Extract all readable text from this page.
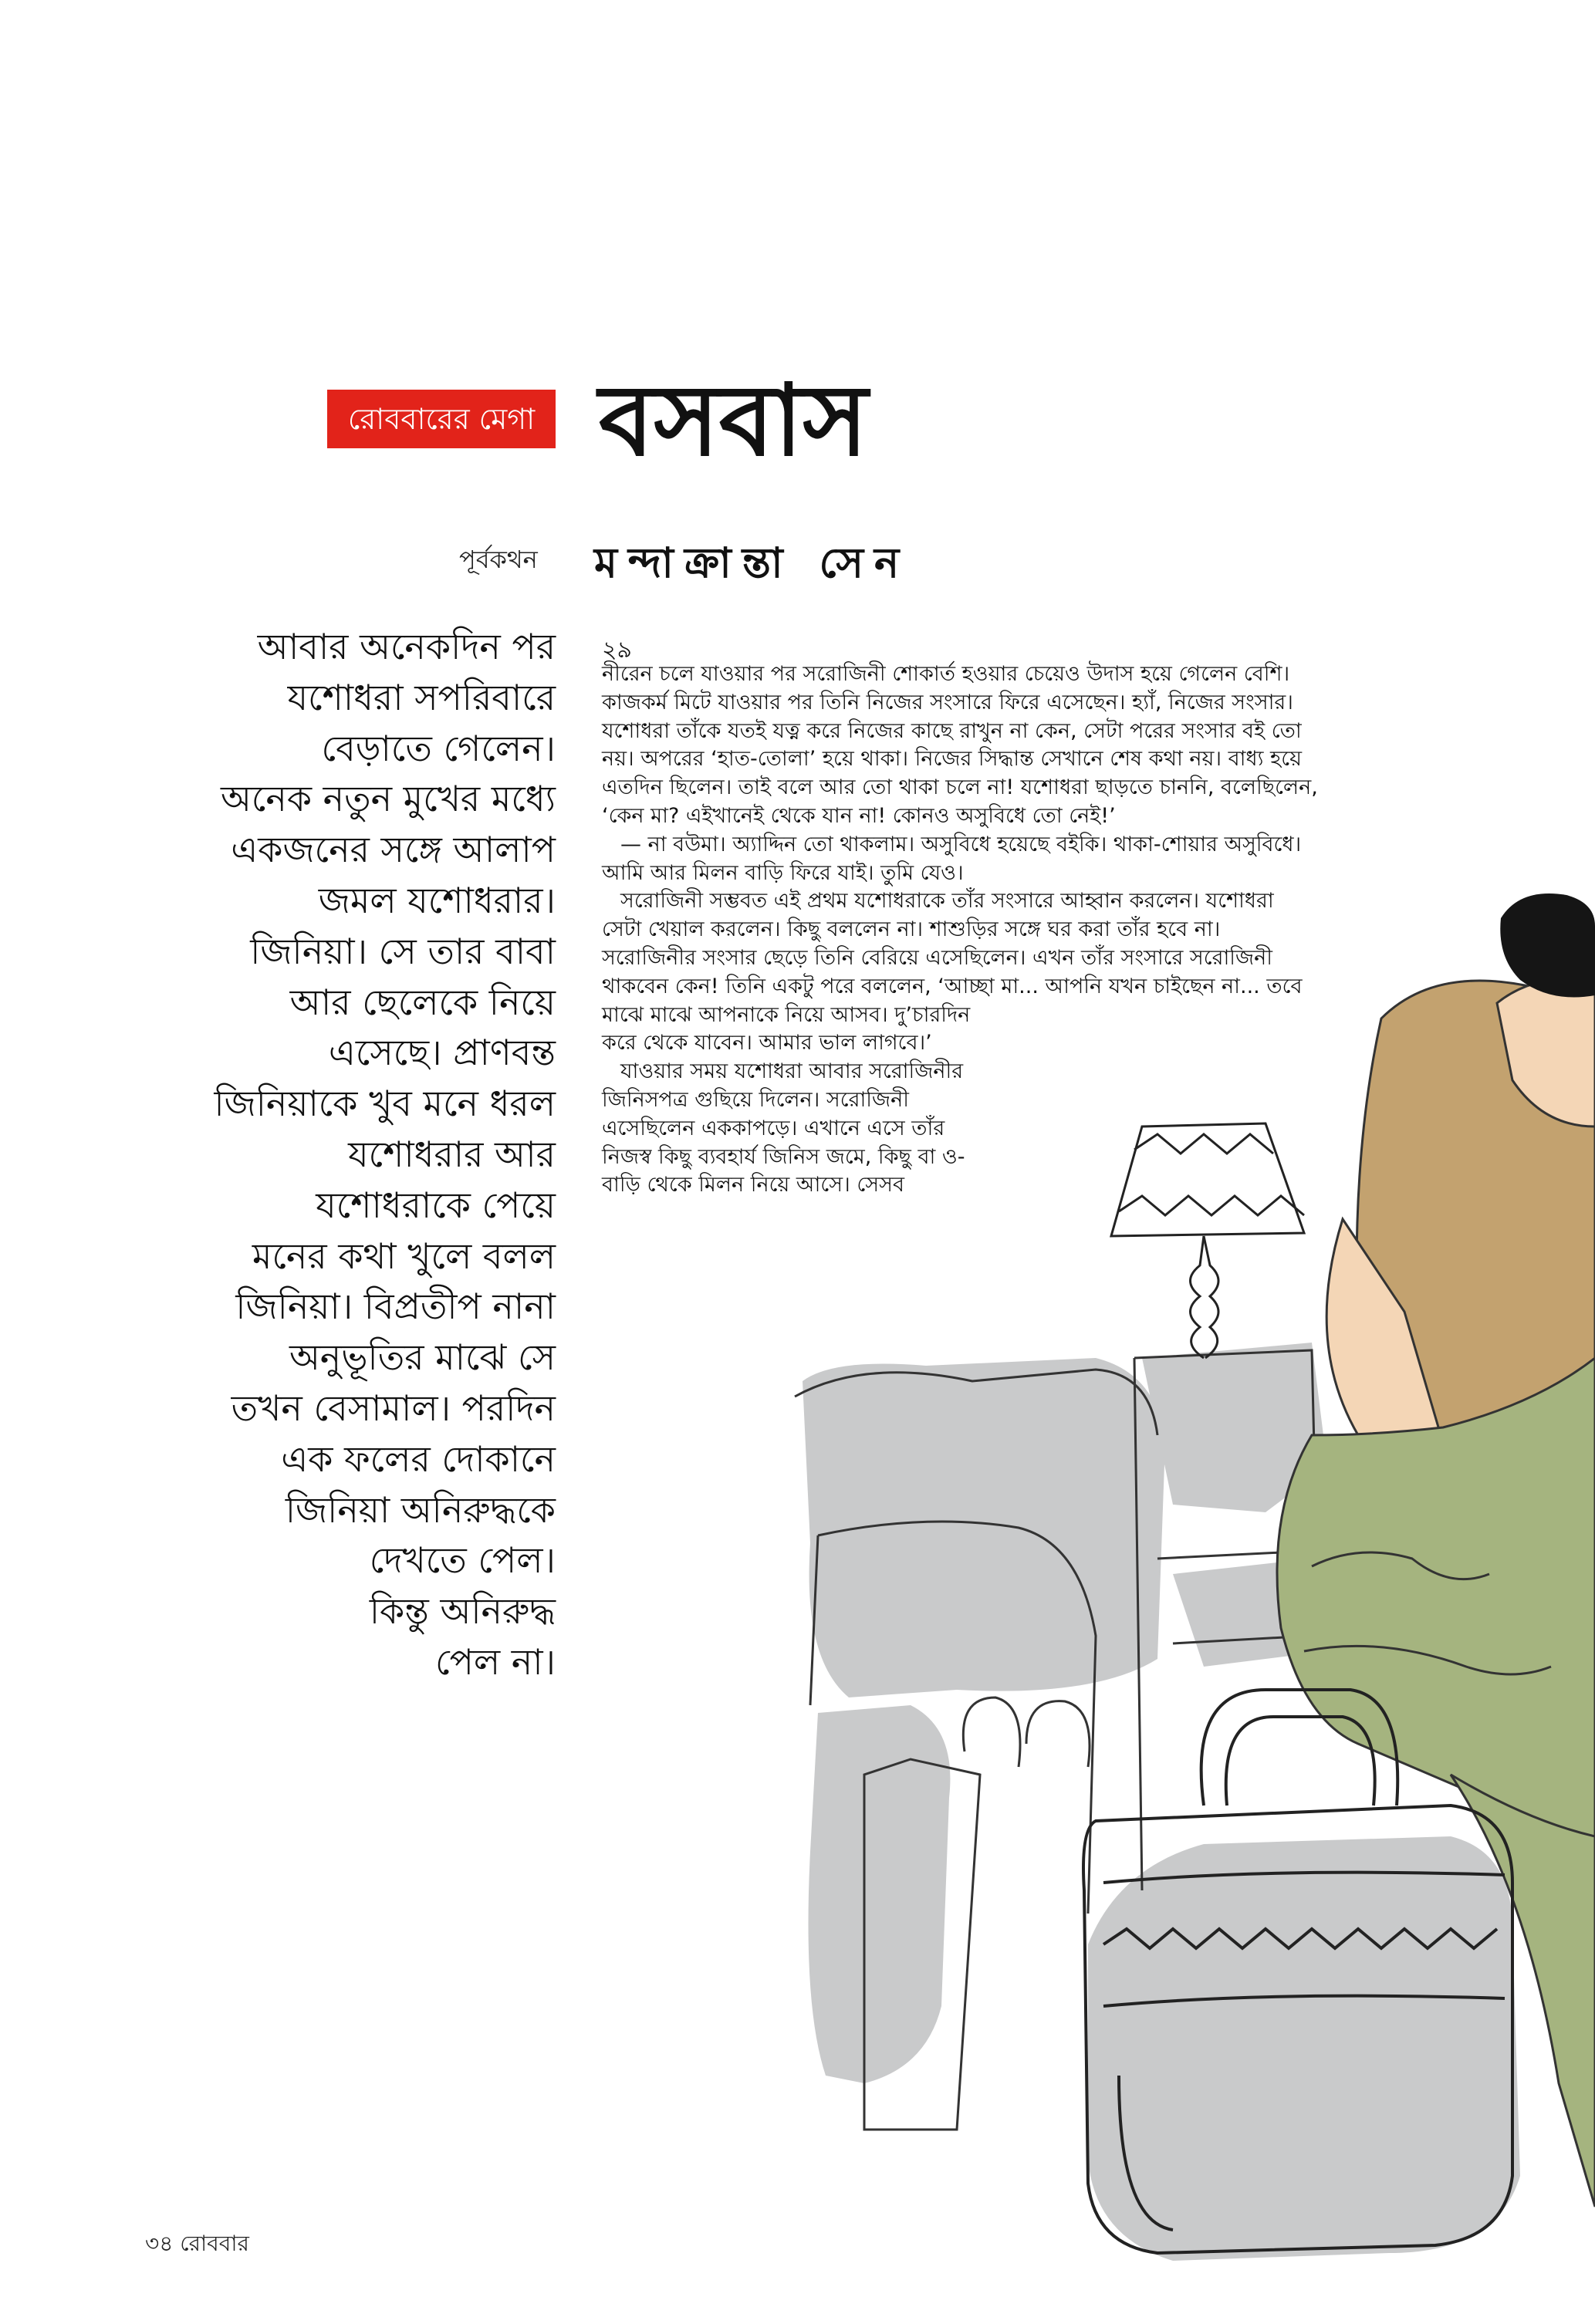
রোববারের মেগা বসবাস
পূর্বকথন মন্দাক্রান্তা সেন
আবার অনেকদিন পর
যশোধরা সপরিবারে
বেড়াতে গেলেন।
অনেক নতুন মুখের মধ্যে
একজনের সঙ্গে আলাপ
জমল যশোধরার।
জিনিয়া। সে তার বাবা
আর ছেলেকে নিয়ে
এসেছে। প্রাণবন্ত
জিনিয়াকে খুব মনে ধরল
যশোধরার আর
যশোধরাকে পেয়ে
মনের কথা খুলে বলল
জিনিয়া। বিপ্রতীপ নানা
অনুভূতির মাঝে সে
তখন বেসামাল। পরদিন
এক ফলের দোকানে
জিনিয়া অনিরুদ্ধকে
দেখতে পেল।
কিন্তু অনিরুদ্ধ
পেল না।
২৯
নীরেন চলে যাওয়ার পর সরোজিনী শোকার্ত হওয়ার চেয়েও উদাস হয়ে গেলেন বেশি।
কাজকর্ম মিটে যাওয়ার পর তিনি নিজের সংসারে ফিরে এসেছেন। হ্যাঁ, নিজের সংসার।
যশোধরা তাঁকে যতই যত্ন করে নিজের কাছে রাখুন না কেন, সেটা পরের সংসার বই তো
নয়। অপরের ‘হাত-তোলা’ হয়ে থাকা। নিজের সিদ্ধান্ত সেখানে শেষ কথা নয়। বাধ্য হয়ে
এতদিন ছিলেন। তাই বলে আর তো থাকা চলে না! যশোধরা ছাড়তে চাননি, বলেছিলেন,
‘কেন মা? এইখানেই থেকে যান না! কোনও অসুবিধে তো নেই!’
— না বউমা। অ্যাদ্দিন তো থাকলাম। অসুবিধে হয়েছে বইকি। থাকা-শোয়ার অসুবিধে।
আমি আর মিলন বাড়ি ফিরে যাই। তুমি যেও।
সরোজিনী সম্ভবত এই প্রথম যশোধরাকে তাঁর সংসারে আহ্বান করলেন। যশোধরা
সেটা খেয়াল করলেন। কিছু বললেন না। শাশুড়ির সঙ্গে ঘর করা তাঁর হবে না।
সরোজিনীর সংসার ছেড়ে তিনি বেরিয়ে এসেছিলেন। এখন তাঁর সংসারে সরোজিনী
থাকবেন কেন! তিনি একটু পরে বললেন, ‘আচ্ছা মা... আপনি যখন চাইছেন না... তবে
মাঝে মাঝে আপনাকে নিয়ে আসব। দু’চারদিন
করে থেকে যাবেন। আমার ভাল লাগবে।’
যাওয়ার সময় যশোধরা আবার সরোজিনীর
জিনিসপত্র গুছিয়ে দিলেন। সরোজিনী
এসেছিলেন এককাপড়ে। এখানে এসে তাঁর
নিজস্ব কিছু ব্যবহার্য জিনিস জমে, কিছু বা ও-
বাড়ি থেকে মিলন নিয়ে আসে। সেসব
৩৪ রোববার
